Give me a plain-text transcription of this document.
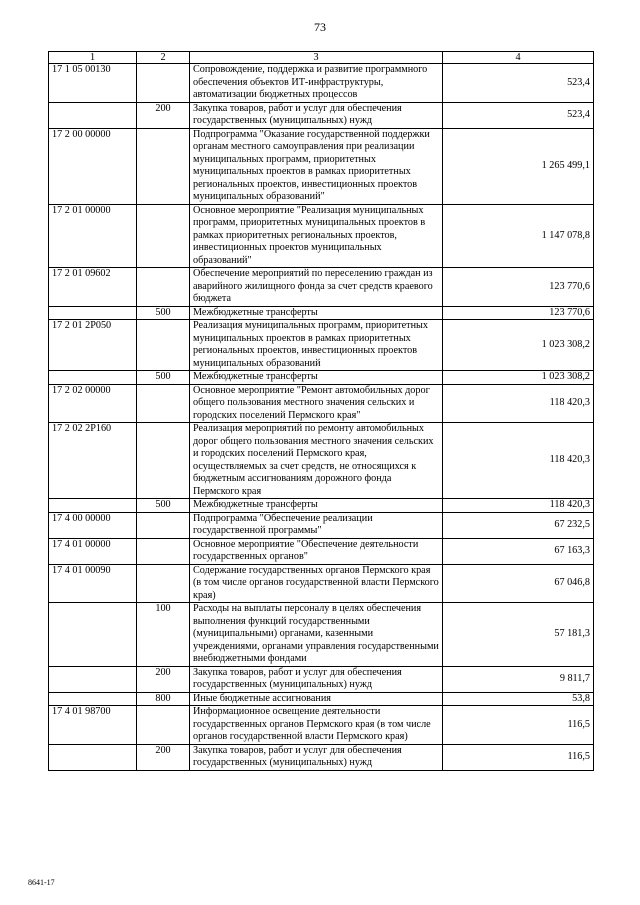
73
1	2	3	4
17 1 05 00130		Сопровождение, поддержка и развитие программного обеспечения объектов ИТ-инфраструктуры, автоматизации бюджетных процессов	523,4
	200	Закупка товаров, работ и услуг для обеспечения государственных (муниципальных) нужд	523,4
17 2 00 00000		Подпрограмма "Оказание государственной поддержки органам местного самоуправления при реализации муниципальных программ, приоритетных муниципальных проектов в рамках приоритетных региональных проектов, инвестиционных проектов муниципальных образований"	1 265 499,1
17 2 01 00000		Основное мероприятие "Реализация муниципальных программ, приоритетных муниципальных проектов в рамках приоритетных региональных проектов, инвестиционных проектов муниципальных образований"	1 147 078,8
17 2 01 09602		Обеспечение мероприятий по переселению граждан из аварийного жилищного фонда за счет средств краевого бюджета	123 770,6
	500	Межбюджетные трансферты	123 770,6
17 2 01 2P050		Реализация муниципальных программ, приоритетных муниципальных проектов в рамках приоритетных региональных проектов, инвестиционных проектов муниципальных образований	1 023 308,2
	500	Межбюджетные трансферты	1 023 308,2
17 2 02 00000		Основное мероприятие "Ремонт автомобильных дорог общего пользования местного значения сельских и городских поселений Пермского края"	118 420,3
17 2 02 2P160		Реализация мероприятий по ремонту автомобильных дорог общего пользования местного значения сельских и городских поселений Пермского края, осуществляемых за счет средств, не относящихся к бюджетным ассигнованиям дорожного фонда Пермского края	118 420,3
	500	Межбюджетные трансферты	118 420,3
17 4 00 00000		Подпрограмма "Обеспечение реализации государственной программы"	67 232,5
17 4 01 00000		Основное мероприятие "Обеспечение деятельности государственных органов"	67 163,3
17 4 01 00090		Содержание государственных органов Пермского края (в том числе органов государственной власти Пермского края)	67 046,8
	100	Расходы на выплаты персоналу в целях обеспечения выполнения функций государственными (муниципальными) органами, казенными учреждениями, органами управления государственными внебюджетными фондами	57 181,3
	200	Закупка товаров, работ и услуг для обеспечения государственных (муниципальных) нужд	9 811,7
	800	Иные бюджетные ассигнования	53,8
17 4 01 98700		Информационное освещение деятельности государственных органов Пермского края (в том числе органов государственной власти Пермского края)	116,5
	200	Закупка товаров, работ и услуг для обеспечения государственных (муниципальных) нужд	116,5
8641-17
